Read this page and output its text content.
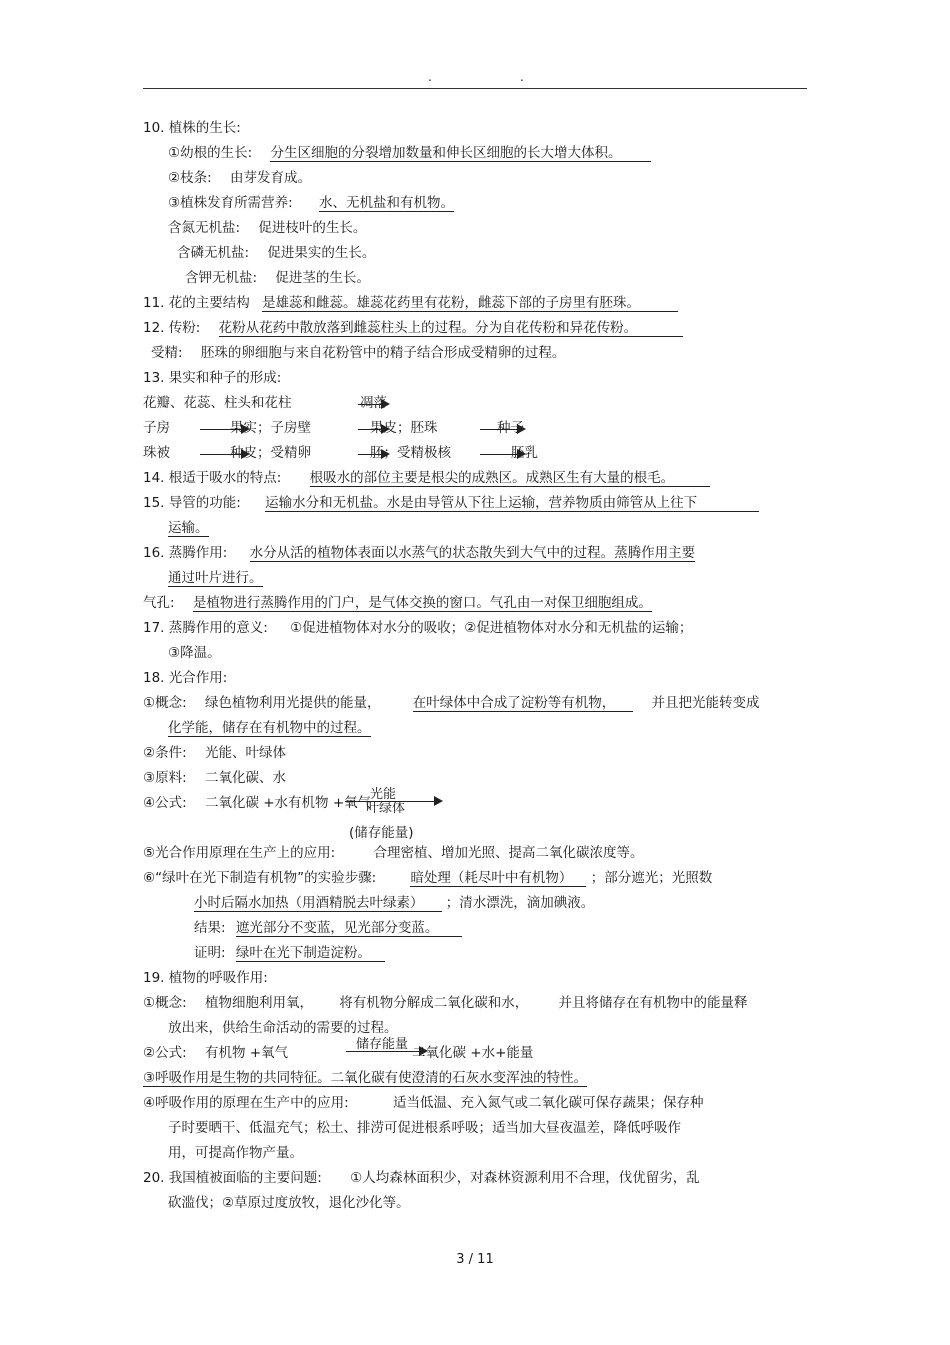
.	.
10. 植株的生长:
①幼根的生长: 分生区细胞的分裂增加数量和伸长区细胞的长大增大体积。
②枝条: 由芽发育成。
③植株发育所需营养: 水、无机盐和有机物。
含氮无机盐: 促进枝叶的生长。
含磷无机盐: 促进果实的生长。
含钾无机盐: 促进茎的生长。
11. 花的主要结构 是雄蕊和雌蕊。雄蕊花药里有花粉，雌蕊下部的子房里有胚珠。
12. 传粉: 花粉从花药中散放落到雌蕊柱头上的过程。分为自花传粉和异花传粉。
受精: 胚珠的卵细胞与来自花粉管中的精子结合形成受精卵的过程。
13. 果实和种子的形成:
花瓣、花蕊、柱头和花柱	凋落
子房	果实；子房壁	果皮；胚珠	种子
珠被	种皮；受精卵	胚；受精极核	胚乳
14. 根适于吸水的特点: 根吸水的部位主要是根尖的成熟区。成熟区生有大量的根毛。
15. 导管的功能: 运输水分和无机盐。水是由导管从下往上运输，营养物质由筛管从上往下
运输。
16. 蒸腾作用: 水分从活的植物体表面以水蒸气的状态散失到大气中的过程。蒸腾作用主要
通过叶片进行。
气孔: 是植物进行蒸腾作用的门户，是气体交换的窗口。气孔由一对保卫细胞组成。
17. 蒸腾作用的意义: ①促进植物体对水分的吸收；②促进植物体对水分和无机盐的运输；
③降温。
18. 光合作用:
①概念: 绿色植物利用光提供的能量， 在叶绿体中合成了淀粉等有机物，	并且把光能转变成
化学能，储存在有机物中的过程。
②条件: 光能、叶绿体
③原料: 二氧化碳、水
④公式: 二氧化碳 +水有机物 +氧气
光能
叶绿体
(储存能量)
⑤光合作用原理在生产上的应用:	合理密植、增加光照、提高二氧化碳浓度等。
⑥“绿叶在光下制造有机物”的实验步骤:	暗处理（耗尽叶中有机物） ；部分遮光；光照数
小时后隔水加热（用酒精脱去叶绿素） ；清水漂洗，滴加碘液。
结果: 遮光部分不变蓝，见光部分变蓝。
证明: 绿叶在光下制造淀粉。
19. 植物的呼吸作用:
①概念: 植物细胞利用氧， 将有机物分解成二氧化碳和水， 并且将储存在有机物中的能量释
放出来，供给生命活动的需要的过程。
②公式: 有机物 +氧气
储存能量
二氧化碳 +水+能量
③呼吸作用是生物的共同特征。二氧化碳有使澄清的石灰水变浑浊的特性。
④呼吸作用的原理在生产中的应用:	适当低温、充入氮气或二氧化碳可保存蔬果；保存种
子时要晒干、低温充气；松土、排涝可促进根系呼吸；适当加大昼夜温差，降低呼吸作
用，可提高作物产量。
20. 我国植被面临的主要问题: ①人均森林面积少，对森林资源利用不合理，伐优留劣，乱
砍滥伐；②草原过度放牧，退化沙化等。
3 / 11
